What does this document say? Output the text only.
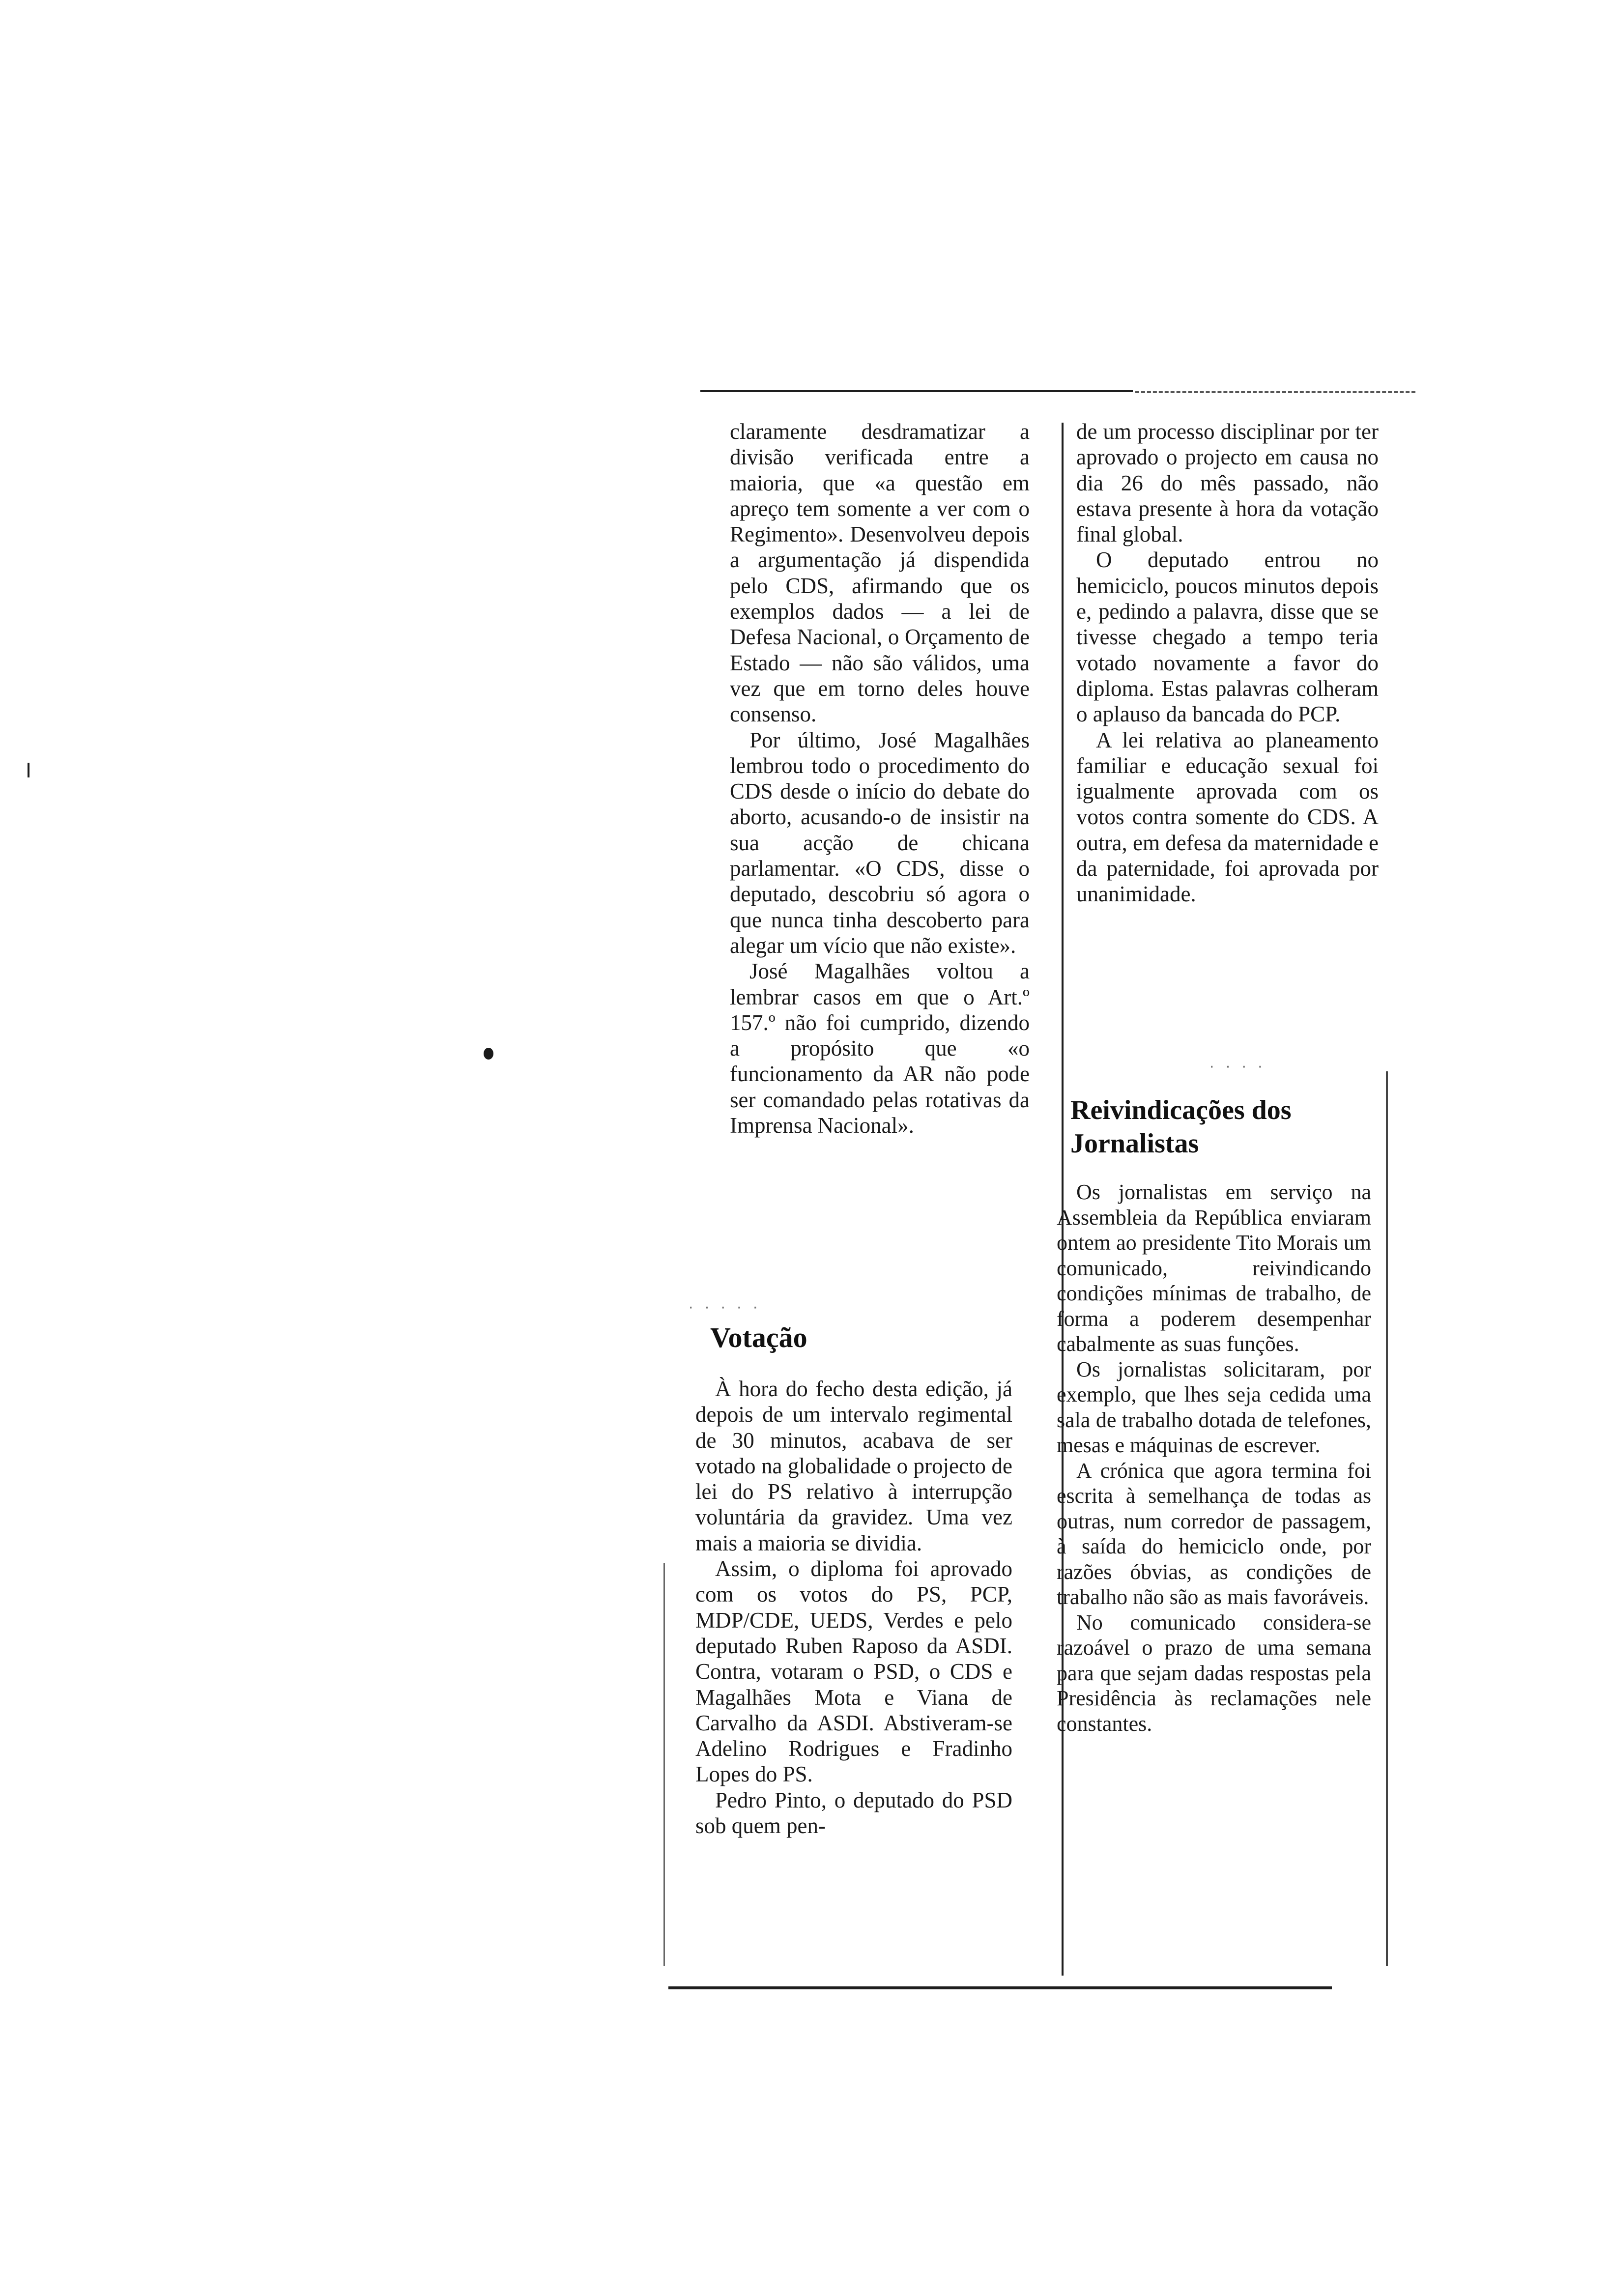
claramente desdramatizar a divisão verificada entre a maioria, que «a questão em apreço tem somente a ver com o Regimento». Desenvolveu depois a argumentação já dispendida pelo CDS, afirmando que os exemplos dados — a lei de Defesa Nacional, o Orçamento de Estado — não são válidos, uma vez que em torno deles houve consenso.

Por último, José Magalhães lembrou todo o procedimento do CDS desde o início do debate do aborto, acusando-o de insistir na sua acção de chicana parlamentar. «O CDS, disse o deputado, descobriu só agora o que nunca tinha descoberto para alegar um vício que não existe».

José Magalhães voltou a lembrar casos em que o Art.º 157.º não foi cumprido, dizendo a propósito que «o funcionamento da AR não pode ser comandado pelas rotativas da Imprensa Nacional».

· · · · ·
Votação

À hora do fecho desta edição, já depois de um intervalo regimental de 30 minutos, acabava de ser votado na globalidade o projecto de lei do PS relativo à interrupção voluntária da gravidez. Uma vez mais a maioria se dividia.

Assim, o diploma foi aprovado com os votos do PS, PCP, MDP/CDE, UEDS, Verdes e pelo deputado Ruben Raposo da ASDI. Contra, votaram o PSD, o CDS e Magalhães Mota e Viana de Carvalho da ASDI. Abstiveram-se Adelino Rodrigues e Fradinho Lopes do PS.

Pedro Pinto, o deputado do PSD sob quem pen-

de um processo disciplinar por ter aprovado o projecto em causa no dia 26 do mês passado, não estava presente à hora da votação final global.

O deputado entrou no hemiciclo, poucos minutos depois e, pedindo a palavra, disse que se tivesse chegado a tempo teria votado novamente a favor do diploma. Estas palavras colheram o aplauso da bancada do PCP.

A lei relativa ao planeamento familiar e educação sexual foi igualmente aprovada com os votos contra somente do CDS. A outra, em defesa da maternidade e da paternidade, foi aprovada por unanimidade.

· · · ·
Reivindicações dos Jornalistas

Os jornalistas em serviço na Assembleia da República enviaram ontem ao presidente Tito Morais um comunicado, reivindicando condições mínimas de trabalho, de forma a poderem desempenhar cabalmente as suas funções.

Os jornalistas solicitaram, por exemplo, que lhes seja cedida uma sala de trabalho dotada de telefones, mesas e máquinas de escrever.

A crónica que agora termina foi escrita à semelhança de todas as outras, num corredor de passagem, à saída do hemiciclo onde, por razões óbvias, as condições de trabalho não são as mais favoráveis.

No comunicado considera-se razoável o prazo de uma semana para que sejam dadas respostas pela Presidência às reclamações nele constantes.
